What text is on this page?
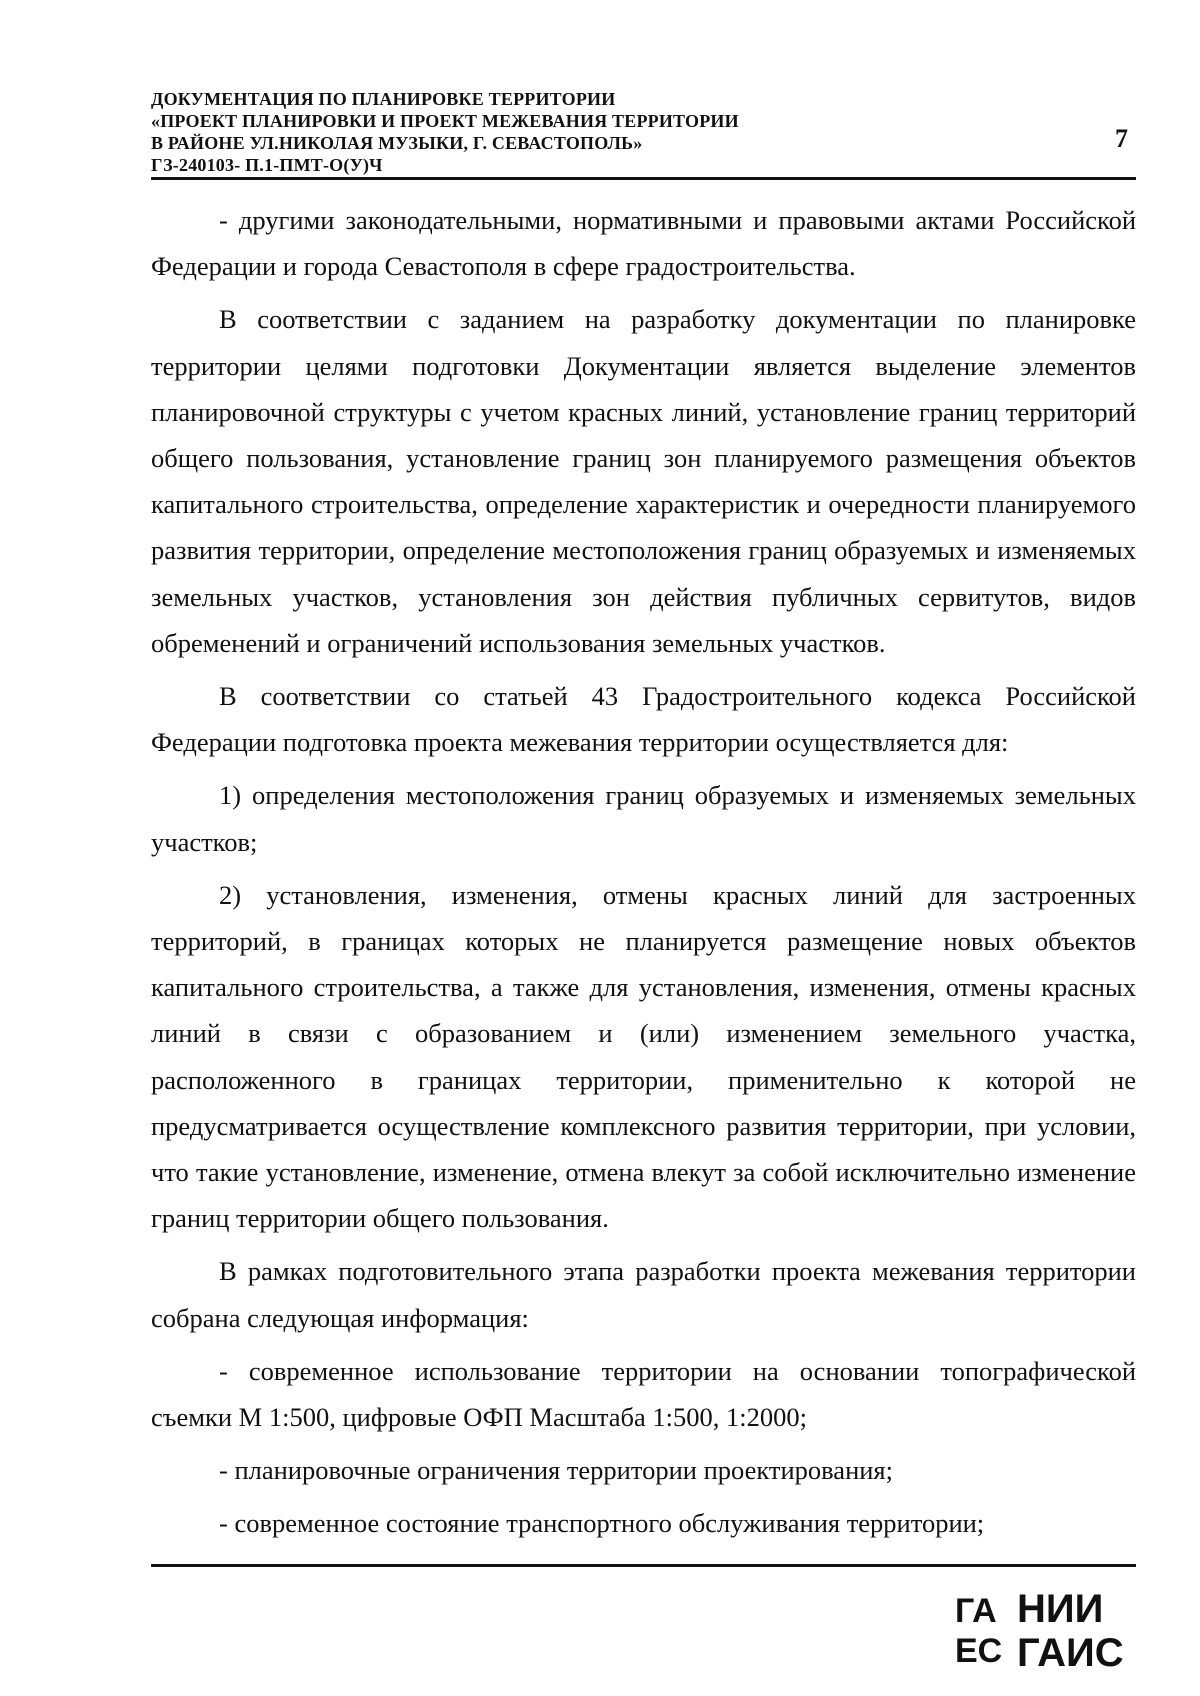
ДОКУМЕНТАЦИЯ ПО ПЛАНИРОВКЕ ТЕРРИТОРИИ
«ПРОЕКТ ПЛАНИРОВКИ И ПРОЕКТ МЕЖЕВАНИЯ ТЕРРИТОРИИ
В РАЙОНЕ УЛ.НИКОЛАЯ МУЗЫКИ, Г. СЕВАСТОПОЛЬ»
ГЗ-240103- П.1-ПМТ-О(У)Ч
7

- другими законодательными, нормативными и правовыми актами Российской Федерации и города Севастополя в сфере градостроительства.

В соответствии с заданием на разработку документации по планировке территории целями подготовки Документации является выделение элементов планировочной структуры с учетом красных линий, установление границ территорий общего пользования, установление границ зон планируемого размещения объектов капитального строительства, определение характеристик и очередности планируемого развития территории, определение местоположения границ образуемых и изменяемых земельных участков, установления зон действия публичных сервитутов, видов обременений и ограничений использования земельных участков.

В соответствии со статьей 43 Градостроительного кодекса Российской Федерации подготовка проекта межевания территории осуществляется для:

1) определения местоположения границ образуемых и изменяемых земельных участков;

2) установления, изменения, отмены красных линий для застроенных территорий, в границах которых не планируется размещение новых объектов капитального строительства, а также для установления, изменения, отмены красных линий в связи с образованием и (или) изменением земельного участка, расположенного в границах территории, применительно к которой не предусматривается осуществление комплексного развития территории, при условии, что такие установление, изменение, отмена влекут за собой исключительно изменение границ территории общего пользования.

В рамках подготовительного этапа разработки проекта межевания территории собрана следующая информация:

- современное использование территории на основании топографической съемки М 1:500, цифровые ОФП Масштаба 1:500, 1:2000;

- планировочные ограничения территории проектирования;

- современное состояние транспортного обслуживания территории;

ГА
ЕС
НИИ
ГАИС
